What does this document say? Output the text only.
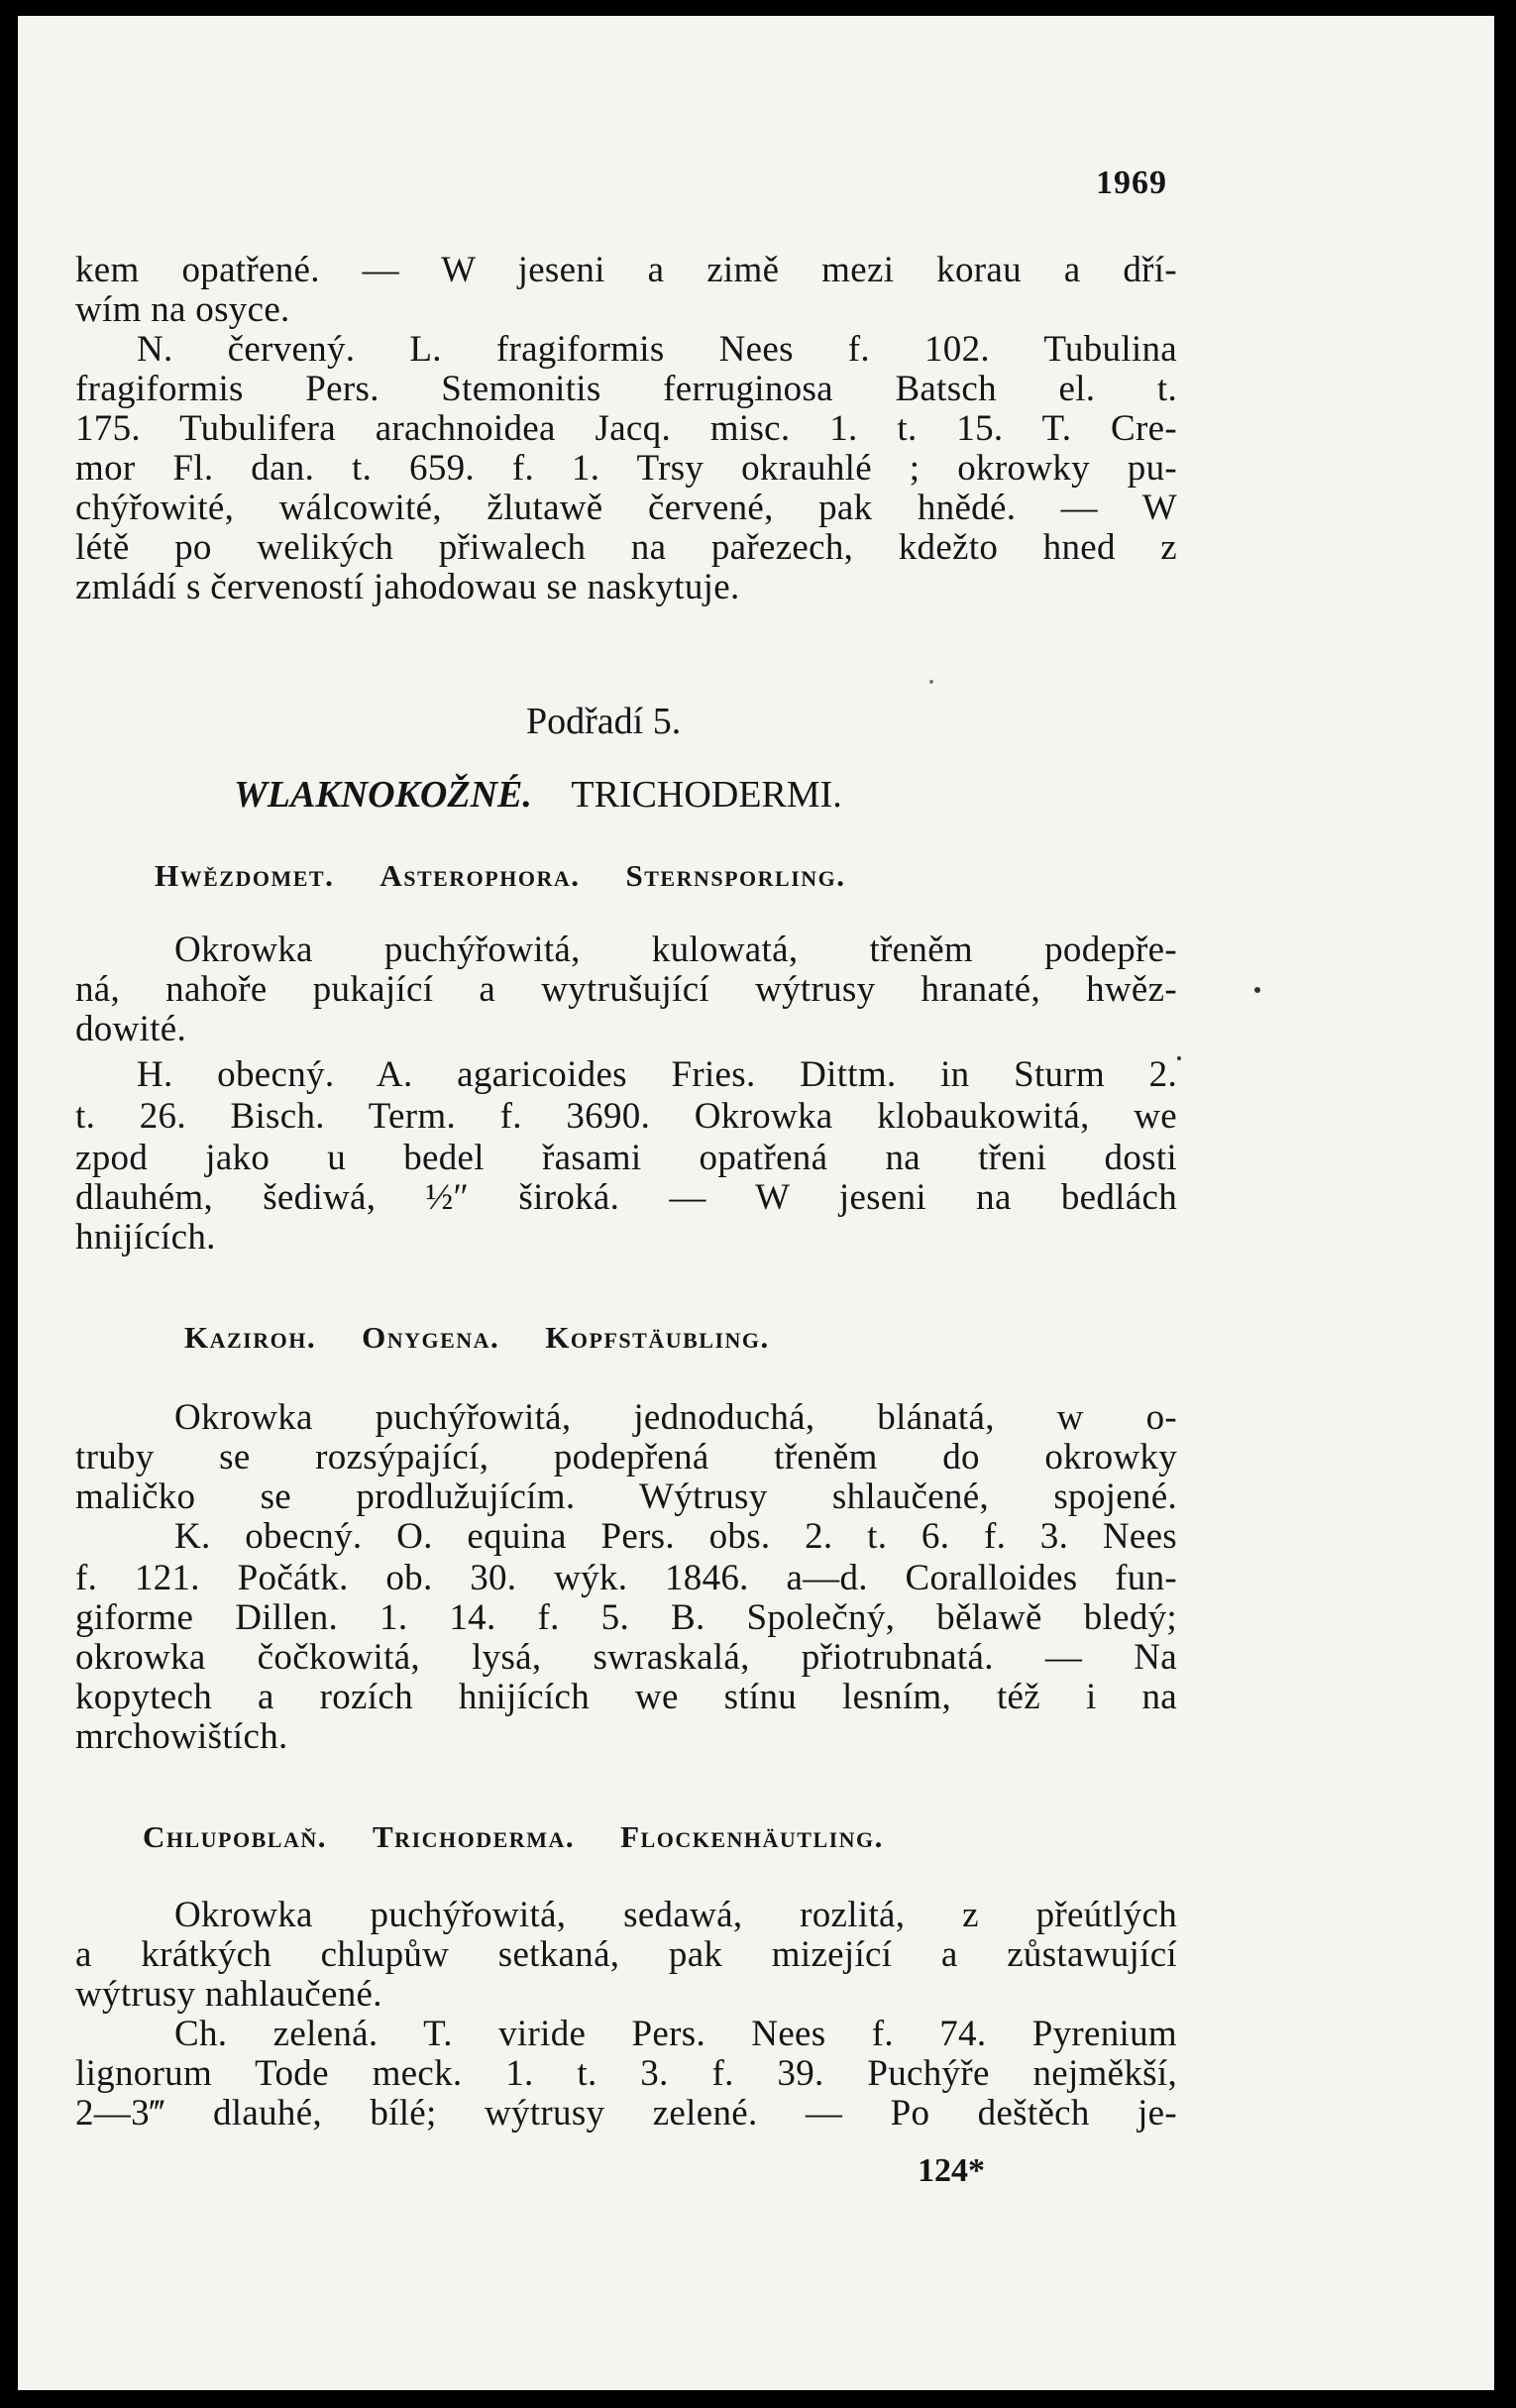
1969
kem opatřené. — W jeseni a zimě mezi korau a dří-
wím na osyce.
N. červený. L. fragiformis Nees f. 102. Tubulina
fragiformis Pers. Stemonitis ferruginosa Batsch el. t.
175. Tubulifera arachnoidea Jacq. misc. 1. t. 15. T. Cre-
mor Fl. dan. t. 659. f. 1. Trsy okrauhlé ; okrowky pu-
chýřowité, wálcowité, žlutawě červené, pak hnědé. — W
létě po welikých přiwalech na pařezech, kdežto hned z
zmládí s červeností jahodowau se naskytuje.
Podřadí 5.
WLAKNOKOŽNÉ. TRICHODERMI.
Hwězdomet. Asterophora. Sternsporling.
Okrowka puchýřowitá, kulowatá, třeněm podepře-
ná, nahoře pukající a wytrušující wýtrusy hranaté, hwěz-
dowité.
H. obecný. A. agaricoides Fries. Dittm. in Sturm 2.
t. 26. Bisch. Term. f. 3690. Okrowka klobaukowitá, we
zpod jako u bedel řasami opatřená na třeni dosti
dlauhém, šediwá, ½″ široká. — W jeseni na bedlách
hnijících.
Kaziroh. Onygena. Kopfstäubling.
Okrowka puchýřowitá, jednoduchá, blánatá, w o-
truby se rozsýpající, podepřená třeněm do okrowky
maličko se prodlužujícím. Wýtrusy shlaučené, spojené.
K. obecný. O. equina Pers. obs. 2. t. 6. f. 3. Nees
f. 121. Počátk. ob. 30. wýk. 1846. a—d. Coralloides fun-
giforme Dillen. 1. 14. f. 5. B. Společný, bělawě bledý;
okrowka čočkowitá, lysá, swraskalá, přiotrubnatá. — Na
kopytech a rozích hnijících we stínu lesním, též i na
mrchowištích.
Chlupoblaň. Trichoderma. Flockenhäutling.
Okrowka puchýřowitá, sedawá, rozlitá, z přeútlých
a krátkých chlupůw setkaná, pak mizející a zůstawující
wýtrusy nahlaučené.
Ch. zelená. T. viride Pers. Nees f. 74. Pyrenium
lignorum Tode meck. 1. t. 3. f. 39. Puchýře nejměkší,
2—3‴ dlauhé, bílé; wýtrusy zelené. — Po deštěch je-
124*
